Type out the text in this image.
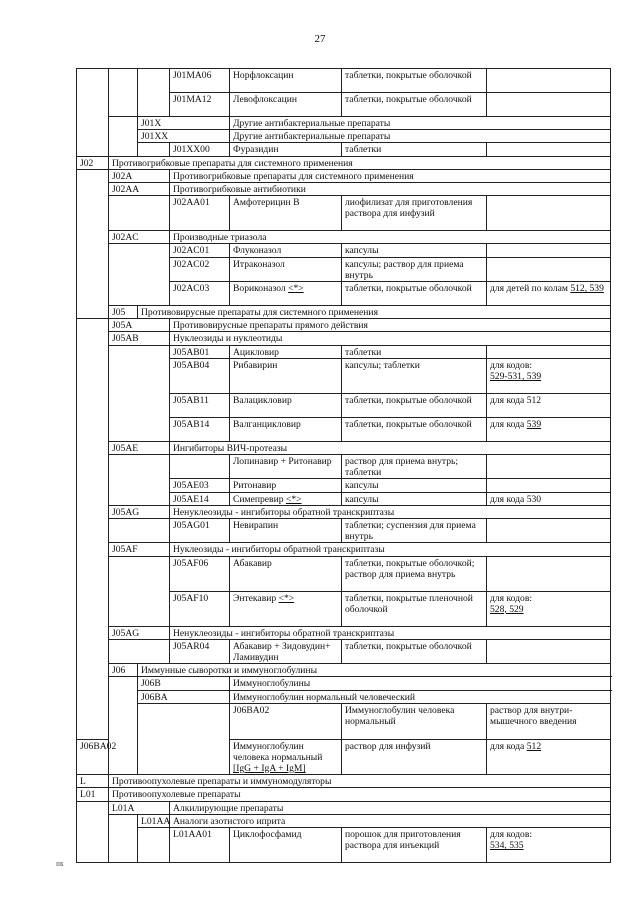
27
			J01MA06	Норфлоксацин	таблетки, покрытые оболочкой		
			J01MA12	Левофлоксацин	таблетки, покрытые оболочкой		
		J01X		Другие антибактериальные препараты			
		J01XX		Другие антибактериальные препараты			
			J01XX00	Фуразидин	таблетки		
J02	Противогрибковые препараты для системного применения						
	J02A		Противогрибковые препараты для системного применения				
	J02AA		Противогрибковые антибиотики				
			J02AA01	Амфотерицин В	лиофилизат для приготовления раствора для инфузий		
	J02AC		Производные триазола				
			J02AC01	Флуконазол	капсулы		
			J02AC02	Итраконазол	капсулы; раствор для приема внутрь		
			J02AC03	Вориконазол <*>	таблетки, покрытые оболочкой	для детей по колам 512, 539	
	J05	Противовирусные препараты для системного применения					
	J05A		Противовирусные препараты прямого действия				
	J05AB		Нуклеозиды и нуклеотиды				
			J05AB01	Ацикловир	таблетки		
			J05AB04	Рибавирин	капсулы; таблетки	для кодов:
529-531, 539	
			J05AB11	Валацикловир	таблетки, покрытые оболочкой	для кода 512	
			J05AB14	Валганцикловир	таблетки, покрытые оболочкой	для кода 539	
	J05AE		Ингибиторы ВИЧ-протеазы				
				Лопинавир + Ритонавир	раствор для приема внутрь; таблетки		
			J05AE03	Ритонавир	капсулы		
			J05AE14	Симепревир <*>	капсулы	для кода 530	
	J05AG		Ненуклеозиды - ингибиторы обратной транскриптазы				
			J05AG01	Невирапин	таблетки; суспензия для приема внутрь		
	J05AF		Нуклеозиды - ингибиторы обратной транскриптазы				
			J05AF06	Абакавир	таблетки, покрытые оболочкой; раствор для приема внутрь		
			J05AF10	Энтекавир <*>	таблетки, покрытые пленочной оболочкой	для кодов:
528, 529	
	J05AG		Ненуклеозиды - ингибиторы обратной транскриптазы				
			J05AR04	Абакавир + Зидовудин+ Ламивудин	таблетки, покрытые оболочкой		
	J06	Иммунные сыворотки и иммуноглобулины					
		J06B		Иммуноглобулины			
		J06BA		Иммуноглобулин нормальный человеческий			
				J06BA02	Иммуноглобулин человека нормальный	раствор для внутри-мышечного введения	
J06BA02				Иммуноглобулин человека нормальный
[IgG + IgA + IgM]	раствор для инфузий	для кода 512	
L	Противоопухолевые препараты и иммуномодуляторы						
L01	Противоопухолевые препараты						
	L01A		Алкилирующие препараты				
		L01AA	Аналоги азотистого иприта				
			L01AA01	Циклофосфамид	порошок для приготовления раствора для инъекций	для кодов:
534, 535	
ІІБ
